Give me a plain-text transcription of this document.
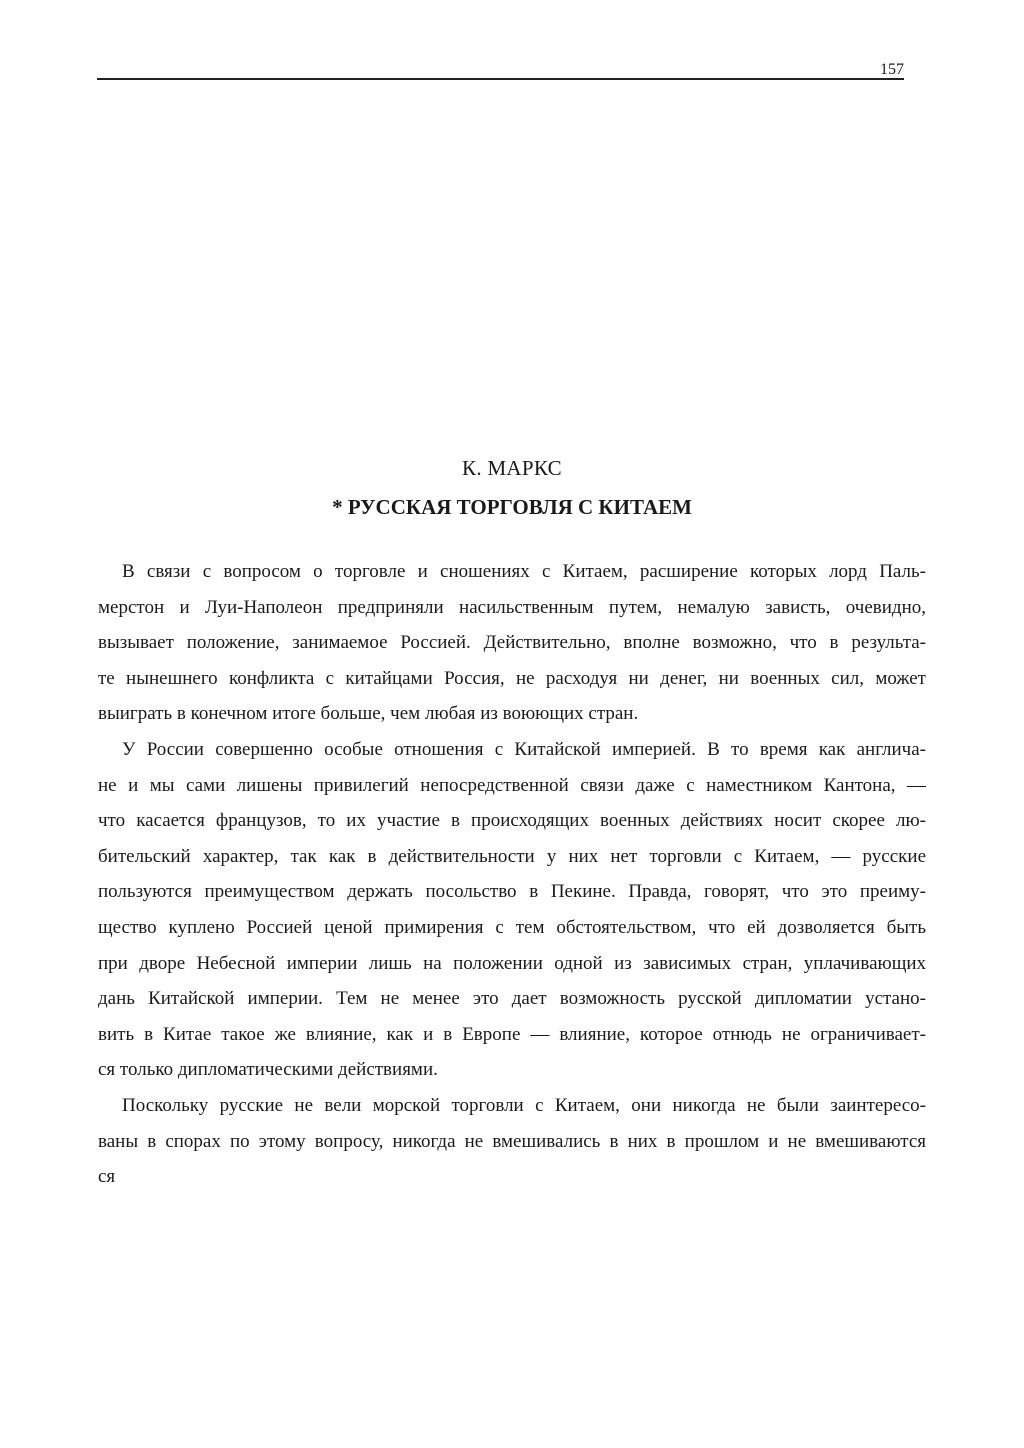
157
К. МАРКС
* РУССКАЯ ТОРГОВЛЯ С КИТАЕМ
В связи с вопросом о торговле и сношениях с Китаем, расширение которых лорд Паль-
мерстон и Луи-Наполеон предприняли насильственным путем, немалую зависть, очевидно,
вызывает положение, занимаемое Россией. Действительно, вполне возможно, что в результа-
те нынешнего конфликта с китайцами Россия, не расходуя ни денег, ни военных сил, может
выиграть в конечном итоге больше, чем любая из воюющих стран.
У России совершенно особые отношения с Китайской империей. В то время как англича-
не и мы сами лишены привилегий непосредственной связи даже с наместником Кантона, —
что касается французов, то их участие в происходящих военных действиях носит скорее лю-
бительский характер, так как в действительности у них нет торговли с Китаем, — русские
пользуются преимуществом держать посольство в Пекине. Правда, говорят, что это преиму-
щество куплено Россией ценой примирения с тем обстоятельством, что ей дозволяется быть
при дворе Небесной империи лишь на положении одной из зависимых стран, уплачивающих
дань Китайской империи. Тем не менее это дает возможность русской дипломатии устано-
вить в Китае такое же влияние, как и в Европе — влияние, которое отнюдь не ограничивает-
ся только дипломатическими действиями.
Поскольку русские не вели морской торговли с Китаем, они никогда не были заинтересо-
ваны в спорах по этому вопросу, никогда не вмешивались в них в прошлом и не вмешиваются
ся
